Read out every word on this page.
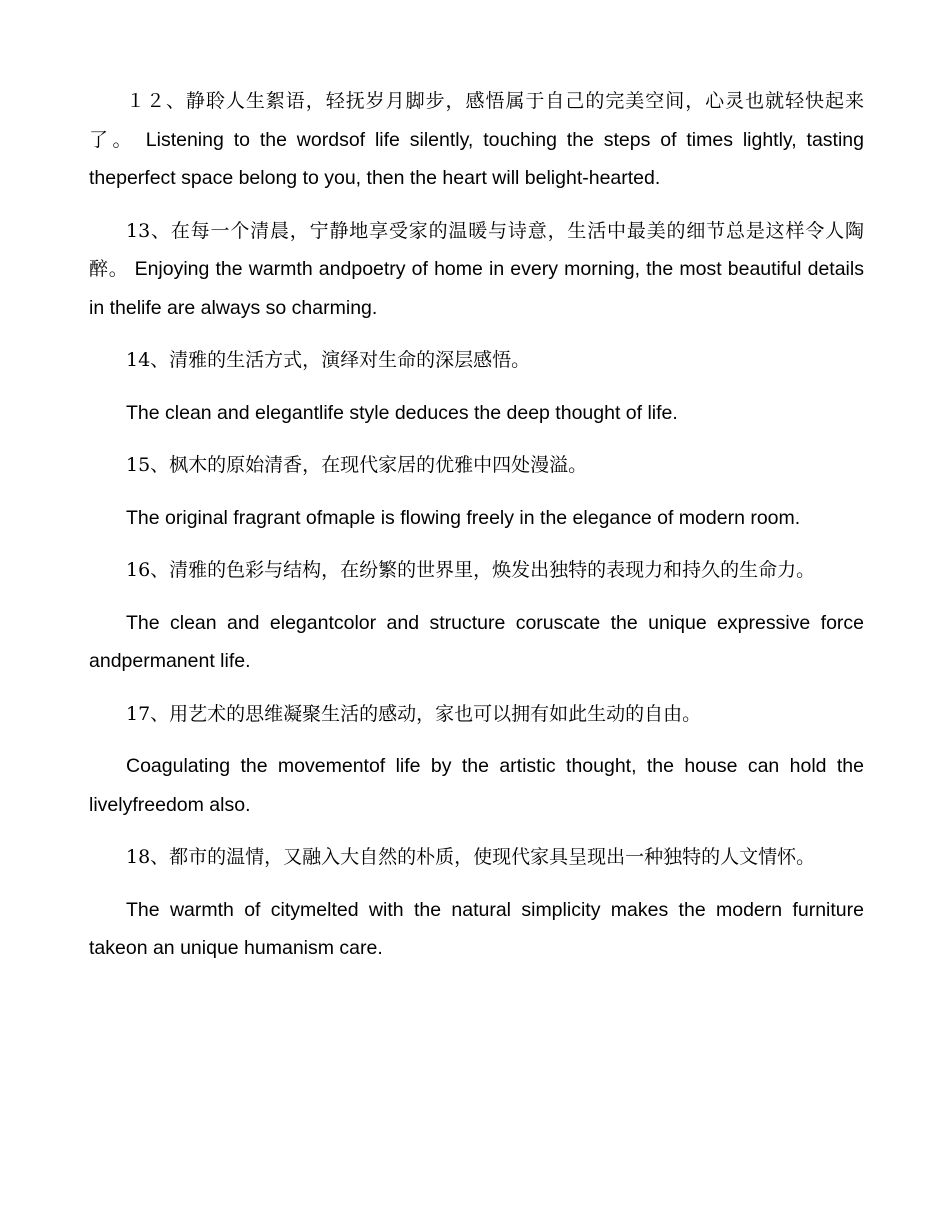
１２、静聆人生絮语，轻抚岁月脚步，感悟属于自己的完美空间，心灵也就轻快起来了。 Listening to the wordsof life silently, touching the steps of times lightly, tasting theperfect space belong to you, then the heart will belight-hearted.

13、在每一个清晨，宁静地享受家的温暖与诗意，生活中最美的细节总是这样令人陶醉。 Enjoying the warmth andpoetry of home in every morning, the most beautiful details in thelife are always so charming.

14、清雅的生活方式，演绎对生命的深层感悟。

The clean and elegantlife style deduces the deep thought of life.

15、枫木的原始清香，在现代家居的优雅中四处漫溢。

The original fragrant ofmaple is flowing freely in the elegance of modern room.

16、清雅的色彩与结构，在纷繁的世界里，焕发出独特的表现力和持久的生命力。

The clean and elegantcolor and structure coruscate the unique expressive force andpermanent life.

17、用艺术的思维凝聚生活的感动，家也可以拥有如此生动的自由。

Coagulating the movementof life by the artistic thought, the house can hold the livelyfreedom also.

18、都市的温情，又融入大自然的朴质，使现代家具呈现出一种独特的人文情怀。

The warmth of citymelted with the natural simplicity makes the modern furniture takeon an unique humanism care.
